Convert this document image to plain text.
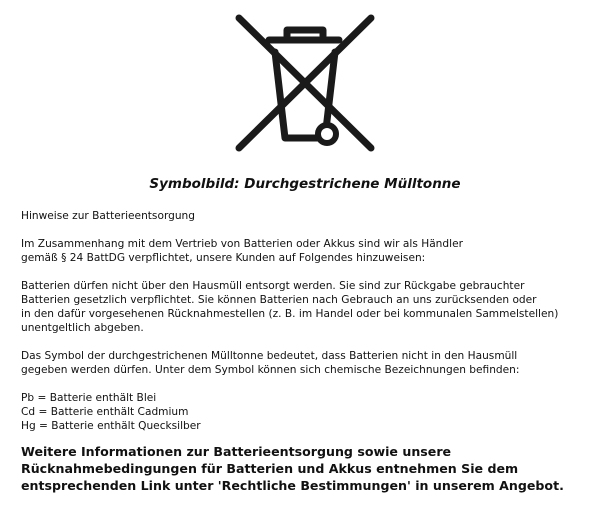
Symbolbild: Durchgestrichene Mülltonne

Hinweise zur Batterieentsorgung

Im Zusammenhang mit dem Vertrieb von Batterien oder Akkus sind wir als Händler

gemäß § 24 BattDG verpflichtet, unsere Kunden auf Folgendes hinzuweisen:

Batterien dürfen nicht über den Hausmüll entsorgt werden. Sie sind zur Rückgabe gebrauchter

Batterien gesetzlich verpflichtet. Sie können Batterien nach Gebrauch an uns zurücksenden oder

in den dafür vorgesehenen Rücknahmestellen (z. B. im Handel oder bei kommunalen Sammelstellen)

unentgeltlich abgeben.

Das Symbol der durchgestrichenen Mülltonne bedeutet, dass Batterien nicht in den Hausmüll

gegeben werden dürfen. Unter dem Symbol können sich chemische Bezeichnungen befinden:

Pb = Batterie enthält Blei

Cd = Batterie enthält Cadmium

Hg = Batterie enthält Quecksilber

Weitere Informationen zur Batterieentsorgung sowie unsere
Rücknahmebedingungen für Batterien und Akkus entnehmen Sie dem
entsprechenden Link unter 'Rechtliche Bestimmungen' in unserem Angebot.
